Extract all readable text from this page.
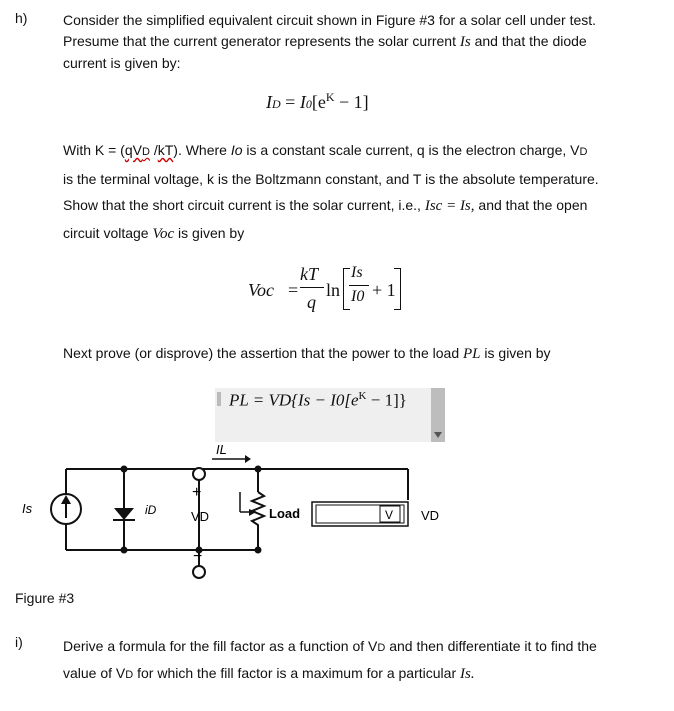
h)
i)
Consider the simplified equivalent circuit shown in Figure #3 for a solar cell under test.
Presume that the current generator represents the solar current Is and that the diode
current is given by:
ID = $I0[e^K - 1]$
With K = (qVD /kT). Where Io is a constant scale current, q is the electron charge, VD
is the terminal voltage, k is the Boltzmann constant, and T is the absolute temperature.
Show that the short circuit current is the solar current, i.e., Isc = Is, and that the open
circuit voltage Voc is given by
Voc =
kT
q
ln
Is
I0 + 1
Next prove (or disprove) the assertion that the power to the load PL is given by
PL = $VD\{Is - I0[e^K - 1]\}$
Is	iD	VD
IL
Load	V VD
+
−
Figure #3
Derive a formula for the fill factor as a function of VD and then differentiate it to find the
value of VD for which the fill factor is a maximum for a particular Is.
